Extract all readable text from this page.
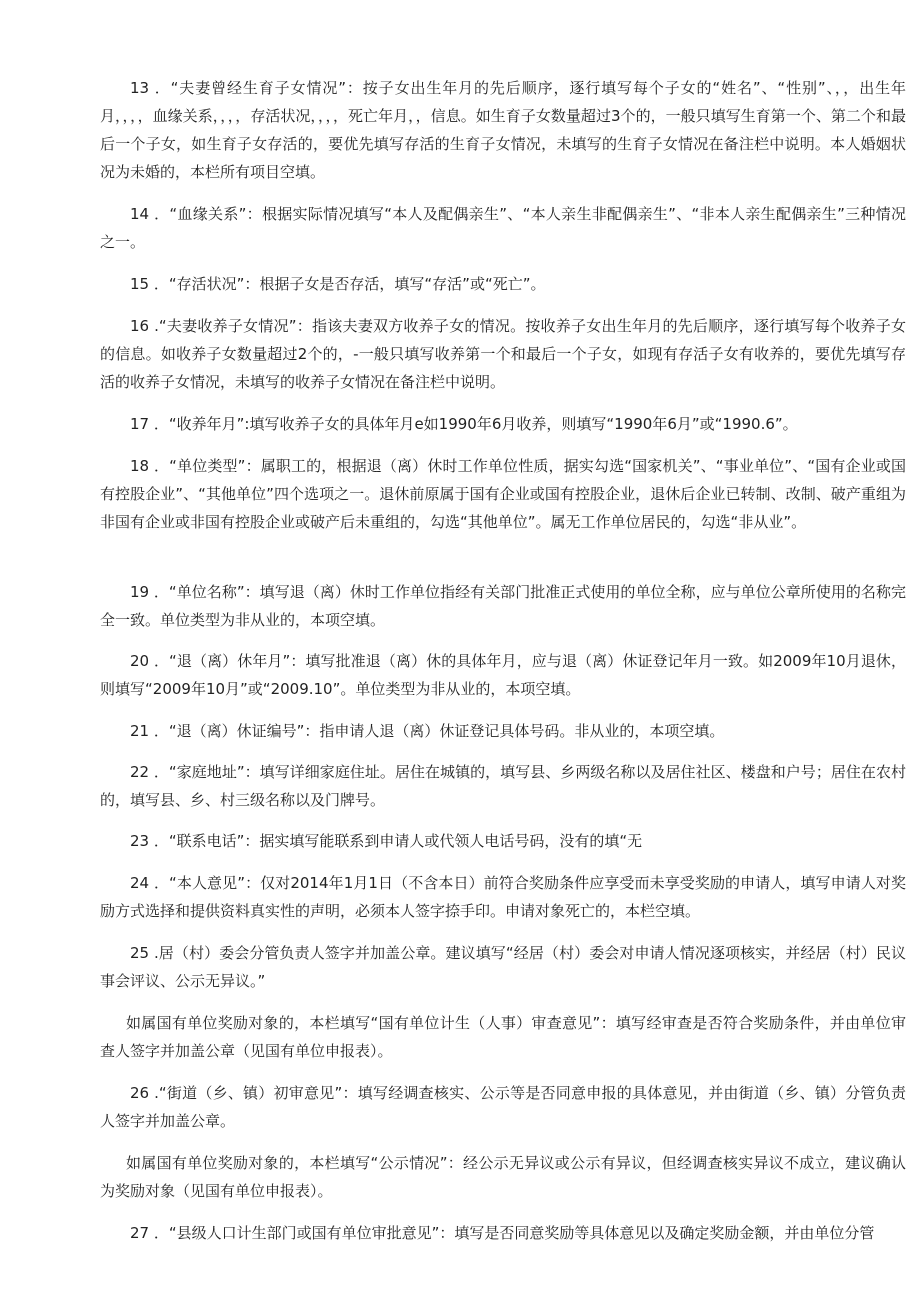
13 ．“夫妻曾经生育子女情况”：按子女出生年月的先后顺序，逐行填写每个子女的“姓名”、“性别”、，，出生年月，，，，血缘关系，，，，存活状况，，，，死亡年月，，信息。如生育子女数量超过3个的，一般只填写生育第一个、第二个和最后一个子女，如生育子女存活的，要优先填写存活的生育子女情况，未填写的生育子女情况在备注栏中说明。本人婚姻状况为未婚的，本栏所有项目空填。

14 ．“血缘关系”：根据实际情况填写“本人及配偶亲生”、“本人亲生非配偶亲生”、“非本人亲生配偶亲生”三种情况之一。

15 ．“存活状况”：根据子女是否存活，填写“存活”或“死亡”。

16 .“夫妻收养子女情况”：指该夫妻双方收养子女的情况。按收养子女出生年月的先后顺序，逐行填写每个收养子女的信息。如收养子女数量超过2个的，-一般只填写收养第一个和最后一个子女，如现有存活子女有收养的，要优先填写存活的收养子女情况，未填写的收养子女情况在备注栏中说明。

17 ．“收养年月”:填写收养子女的具体年月e如1990年6月收养，则填写“1990年6月”或“1990.6”。

18 ．“单位类型”：属职工的，根据退（离）休时工作单位性质，据实勾选“国家机关”、“事业单位”、“国有企业或国有控股企业”、“其他单位”四个选项之一。退休前原属于国有企业或国有控股企业，退休后企业已转制、改制、破产重组为非国有企业或非国有控股企业或破产后未重组的，勾选“其他单位”。属无工作单位居民的，勾选“非从业”。

19 ．“单位名称”：填写退（离）休时工作单位指经有关部门批准正式使用的单位全称，应与单位公章所使用的名称完全一致。单位类型为非从业的，本项空填。

20 ．“退（离）休年月”：填写批准退（离）休的具体年月，应与退（离）休证登记年月一致。如2009年10月退休，则填写“2009年10月”或“2009.10”。单位类型为非从业的，本项空填。

21 ．“退（离）休证编号”：指申请人退（离）休证登记具体号码。非从业的，本项空填。

22 ．“家庭地址”：填写详细家庭住址。居住在城镇的，填写县、乡两级名称以及居住社区、楼盘和户号；居住在农村的，填写县、乡、村三级名称以及门牌号。

23 ．“联系电话”：据实填写能联系到申请人或代领人电话号码，没有的填“无

24 ．“本人意见”：仅对2014年1月1日（不含本日）前符合奖励条件应享受而未享受奖励的申请人，填写申请人对奖励方式选择和提供资料真实性的声明，必须本人签字捺手印。申请对象死亡的，本栏空填。

25 .居（村）委会分管负责人签字并加盖公章。建议填写“经居（村）委会对申请人情况逐项核实，并经居（村）民议事会评议、公示无异议。”

如属国有单位奖励对象的，本栏填写“国有单位计生（人事）审查意见”：填写经审查是否符合奖励条件，并由单位审查人签字并加盖公章（见国有单位申报表）。

26 .“街道（乡、镇）初审意见”：填写经调查核实、公示等是否同意申报的具体意见，并由街道（乡、镇）分管负责人签字并加盖公章。

如属国有单位奖励对象的，本栏填写“公示情况”：经公示无异议或公示有异议，但经调查核实异议不成立，建议确认为奖励对象（见国有单位申报表）。

27 ．“县级人口计生部门或国有单位审批意见”：填写是否同意奖励等具体意见以及确定奖励金额，并由单位分管
